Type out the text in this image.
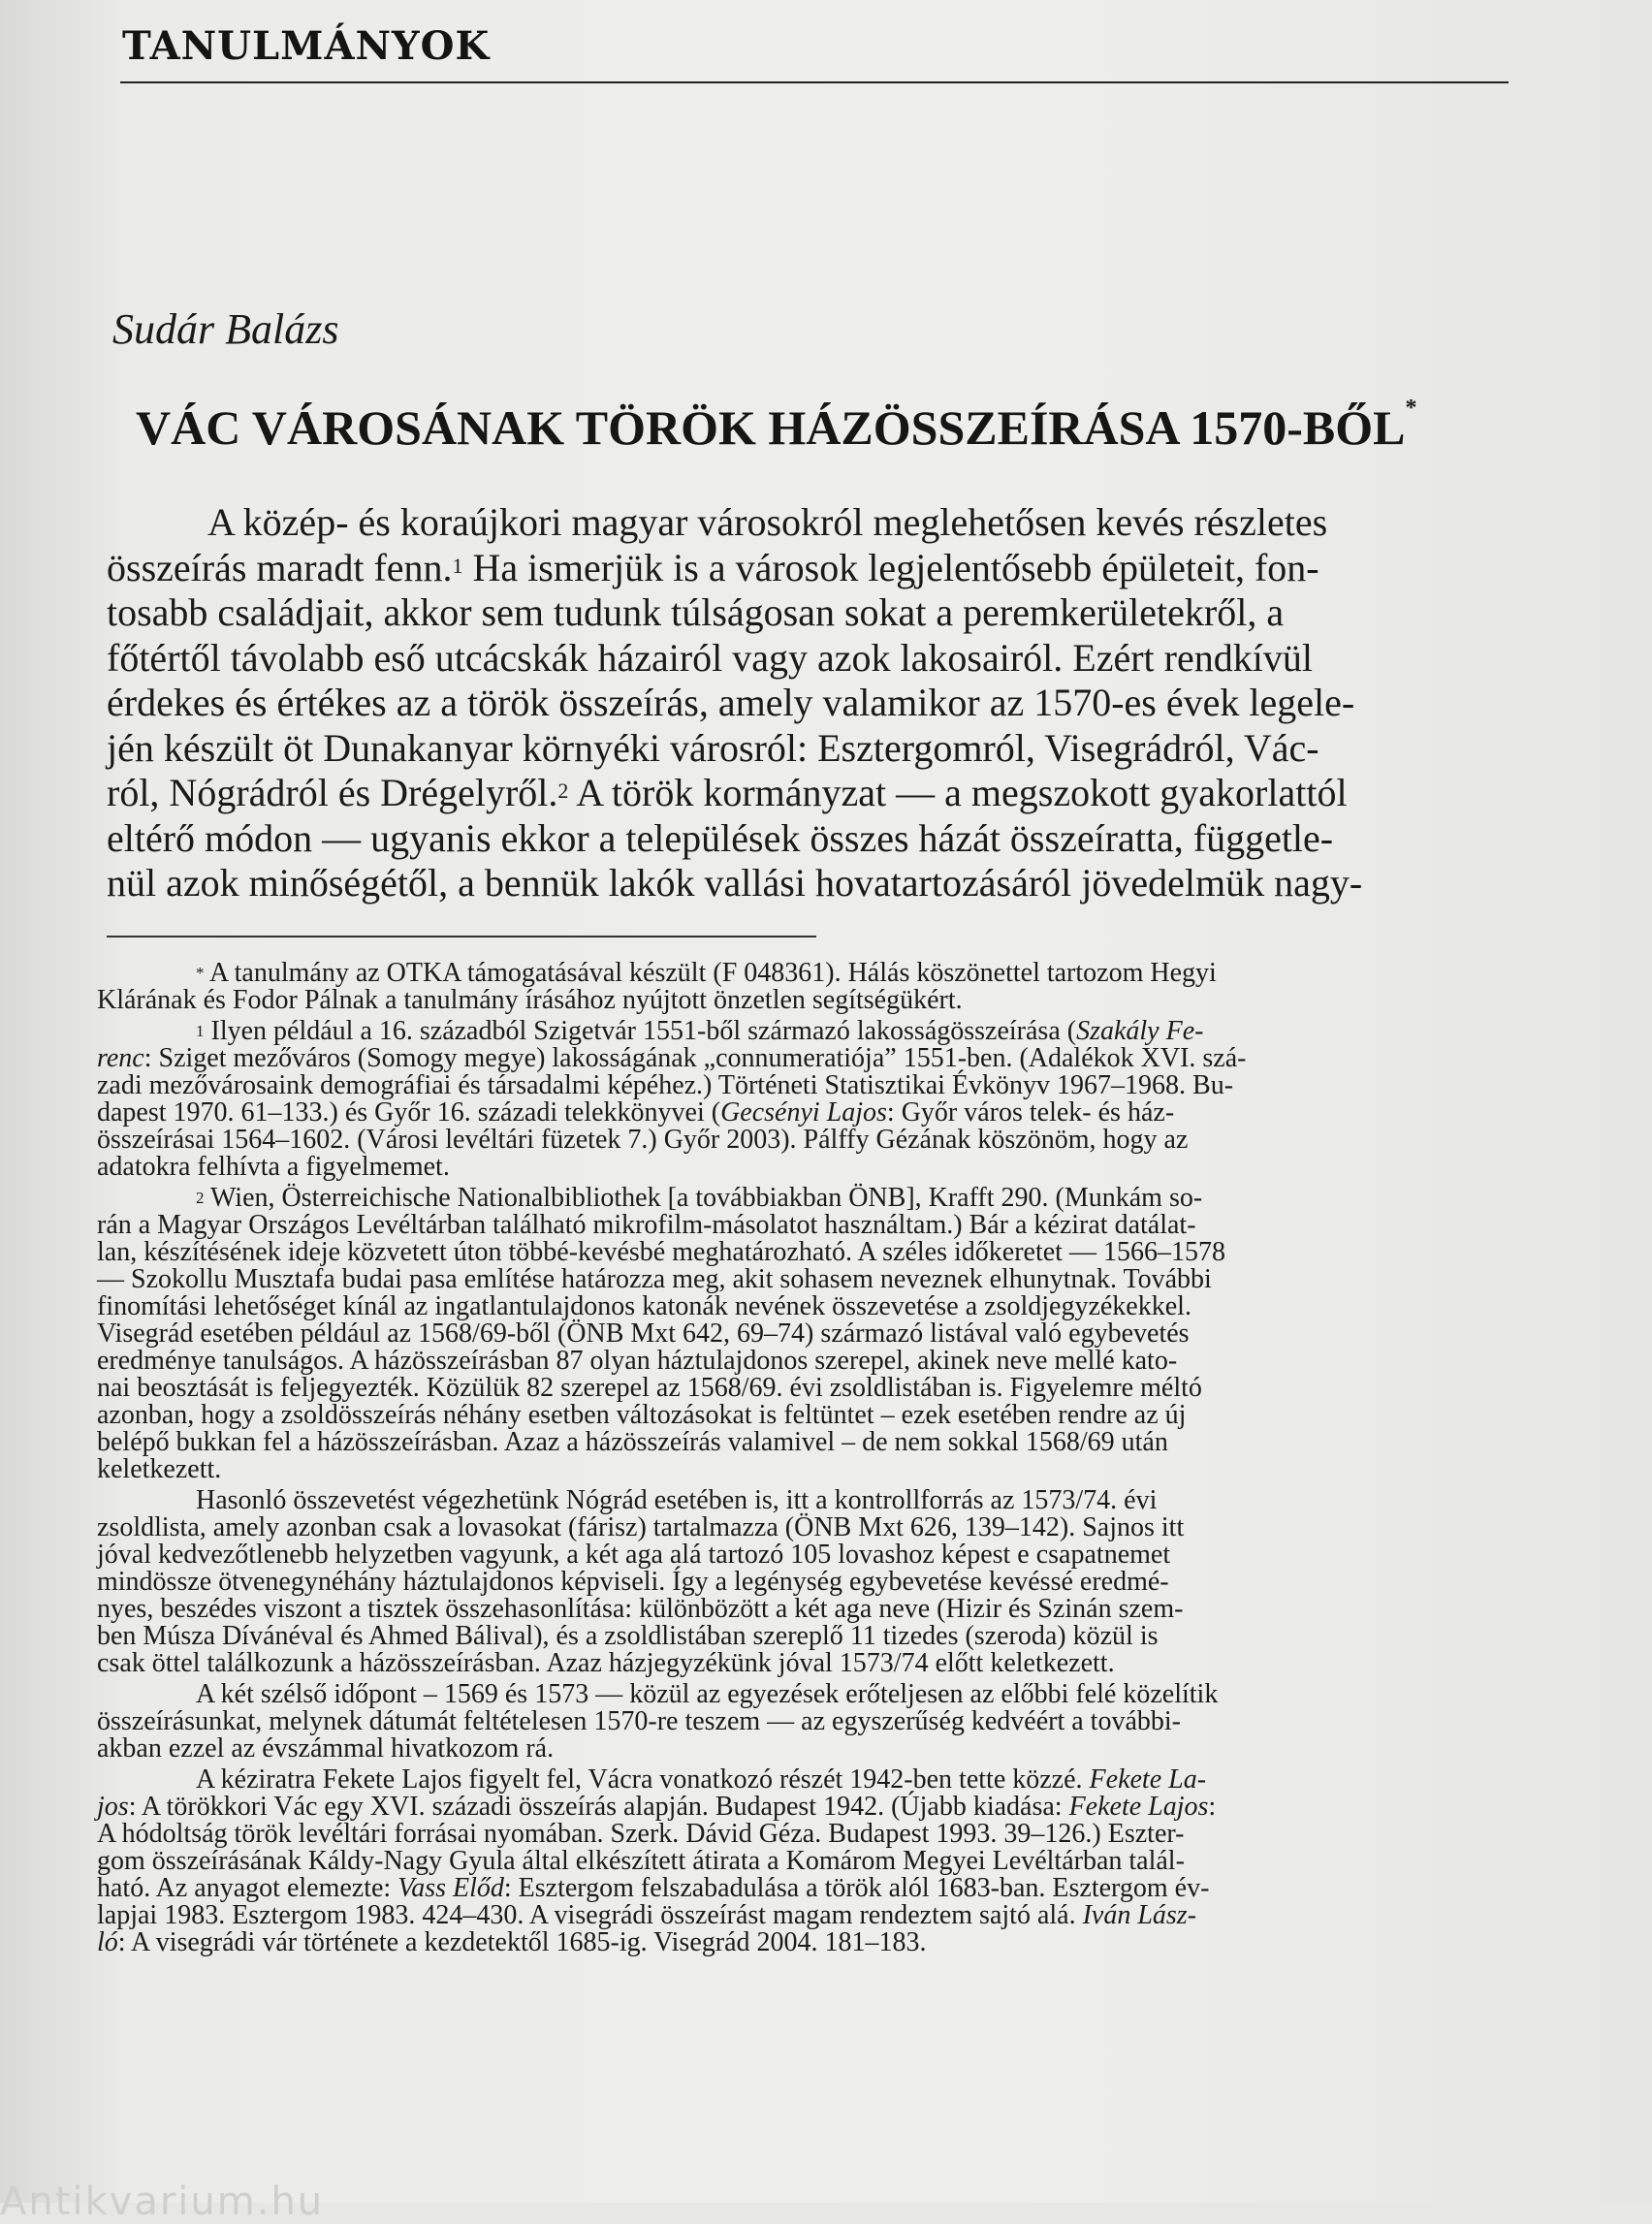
TANULMÁNYOK
Sudár Balázs
VÁC VÁROSÁNAK TÖRÖK HÁZÖSSZEÍRÁSA 1570-BŐL*
A közép- és koraújkori magyar városokról meglehetősen kevés részletes
összeírás maradt fenn.$^1$ Ha ismerjük is a városok legjelentősebb épületeit, fon-
tosabb családjait, akkor sem tudunk túlságosan sokat a peremkerületekről, a
főtértől távolabb eső utcácskák házairól vagy azok lakosairól. Ezért rendkívül
érdekes és értékes az a török összeírás, amely valamikor az 1570-es évek legele-
jén készült öt Dunakanyar környéki városról: Esztergomról, Visegrádról, Vác-
ról, Nógrádról és Drégelyről.$^2$ A török kormányzat — a megszokott gyakorlattól
eltérő módon — ugyanis ekkor a települések összes házát összeíratta, függetle-
nül azok minőségétől, a bennük lakók vallási hovatartozásáról jövedelmük nagy-
* A tanulmány az OTKA támogatásával készült (F 048361). Hálás köszönettel tartozom Hegyi
Klárának és Fodor Pálnak a tanulmány írásához nyújtott önzetlen segítségükért.
$^1$ Ilyen például a 16. századból Szigetvár 1551-ből származó lakosságösszeírása (Szakály Fe-
renc: Sziget mezőváros (Somogy megye) lakosságának „connumeratiója” 1551-ben. (Adalékok XVI. szá-
zadi mezővárosaink demográfiai és társadalmi képéhez.) Történeti Statisztikai Évkönyv 1967–1968. Bu-
dapest 1970. 61–133.) és Győr 16. századi telekkönyvei (Gecsényi Lajos: Győr város telek- és ház-
összeírásai 1564–1602. (Városi levéltári füzetek 7.) Győr 2003). Pálffy Gézának köszönöm, hogy az
adatokra felhívta a figyelmemet.
$^2$ Wien, Österreichische Nationalbibliothek [a továbbiakban ÖNB], Krafft 290. (Munkám so-
rán a Magyar Országos Levéltárban található mikrofilm-másolatot használtam.) Bár a kézirat datálat-
lan, készítésének ideje közvetett úton többé-kevésbé meghatározható. A széles időkeretet — 1566–1578
— Szokollu Musztafa budai pasa említése határozza meg, akit sohasem neveznek elhunytnak. További
finomítási lehetőséget kínál az ingatlantulajdonos katonák nevének összevetése a zsoldjegyzékekkel.
Visegrád esetében például az 1568/69-ből (ÖNB Mxt 642, 69–74) származó listával való egybevetés
eredménye tanulságos. A házösszeírásban 87 olyan háztulajdonos szerepel, akinek neve mellé kato-
nai beosztását is feljegyezték. Közülük 82 szerepel az 1568/69. évi zsoldlistában is. Figyelemre méltó
azonban, hogy a zsoldösszeírás néhány esetben változásokat is feltüntet – ezek esetében rendre az új
belépő bukkan fel a házösszeírásban. Azaz a házösszeírás valamivel – de nem sokkal 1568/69 után
keletkezett.
Hasonló összevetést végezhetünk Nógrád esetében is, itt a kontrollforrás az 1573/74. évi
zsoldlista, amely azonban csak a lovasokat (fárisz) tartalmazza (ÖNB Mxt 626, 139–142). Sajnos itt
jóval kedvezőtlenebb helyzetben vagyunk, a két aga alá tartozó 105 lovashoz képest e csapatnemet
mindössze ötvenegynéhány háztulajdonos képviseli. Így a legénység egybevetése kevéssé eredmé-
nyes, beszédes viszont a tisztek összehasonlítása: különbözött a két aga neve (Hizir és Szinán szem-
ben Músza Dívánéval és Ahmed Bálival), és a zsoldlistában szereplő 11 tizedes (szeroda) közül is
csak öttel találkozunk a házösszeírásban. Azaz házjegyzékünk jóval 1573/74 előtt keletkezett.
A két szélső időpont – 1569 és 1573 — közül az egyezések erőteljesen az előbbi felé közelítik
összeírásunkat, melynek dátumát feltételesen 1570-re teszem — az egyszerűség kedvéért a további-
akban ezzel az évszámmal hivatkozom rá.
A kéziratra Fekete Lajos figyelt fel, Vácra vonatkozó részét 1942-ben tette közzé. Fekete La-
jos: A törökkori Vác egy XVI. századi összeírás alapján. Budapest 1942. (Újabb kiadása: Fekete Lajos:
A hódoltság török levéltári forrásai nyomában. Szerk. Dávid Géza. Budapest 1993. 39–126.) Eszter-
gom összeírásának Káldy-Nagy Gyula által elkészített átirata a Komárom Megyei Levéltárban talál-
ható. Az anyagot elemezte: Vass Előd: Esztergom felszabadulása a török alól 1683-ban. Esztergom év-
lapjai 1983. Esztergom 1983. 424–430. A visegrádi összeírást magam rendeztem sajtó alá. Iván Lász-
ló: A visegrádi vár története a kezdetektől 1685-ig. Visegrád 2004. 181–183.
Antikvarium.hu
